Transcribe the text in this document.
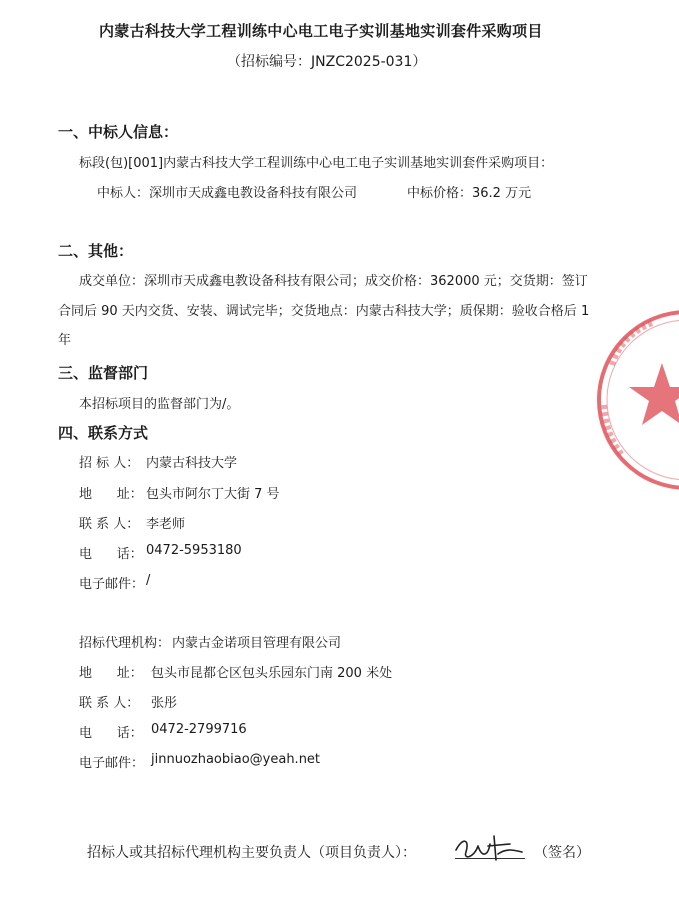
内蒙古科技大学工程训练中心电工电子实训基地实训套件采购项目
（招标编号：JNZC2025-031）
一、中标人信息：
标段(包)[001]内蒙古科技大学工程训练中心电工电子实训基地实训套件采购项目：
中标人：深圳市天成鑫电教设备科技有限公司	中标价格：36.2 万元
二、其他：
成交单位：深圳市天成鑫电教设备科技有限公司；成交价格：362000 元；交货期：签订
合同后 90 天内交货、安装、调试完毕；交货地点：内蒙古科技大学；质保期：验收合格后 1
年
三、监督部门
本招标项目的监督部门为/。
四、联系方式
招 标 人： 内蒙古科技大学
地      址： 包头市阿尔丁大街 7 号
联 系 人： 李老师
电      话： 0472-5953180
电子邮件： /
招标代理机构： 内蒙古金诺项目管理有限公司
地      址： 包头市昆都仑区包头乐园东门南 200 米处
联 系 人： 张彤
电      话： 0472-2799716
电子邮件： jinnuozhaobiao@yeah.net
招标人或其招标代理机构主要负责人（项目负责人）：	（签名）
